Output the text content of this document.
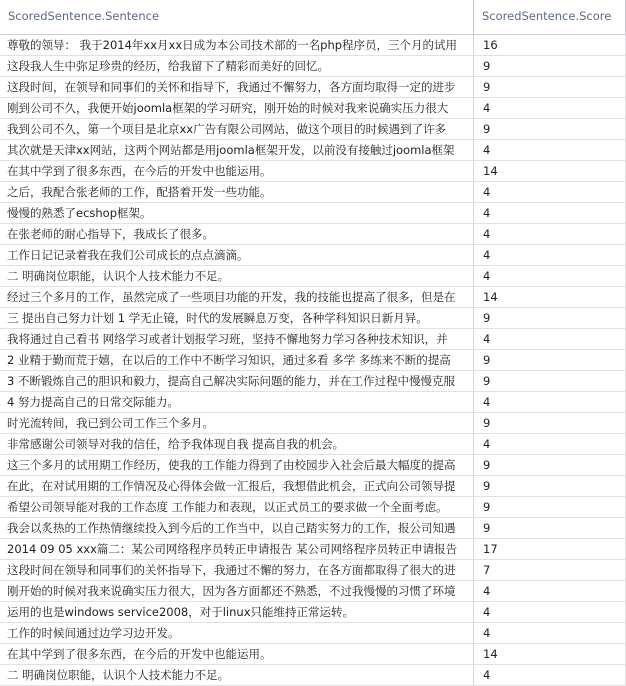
ScoredSentence.Sentence	ScoredSentence.Score
尊敬的领导： 我于2014年xx月xx日成为本公司技术部的一名php程序员，三个月的试用	16
这段我人生中弥足珍贵的经历，给我留下了精彩而美好的回忆。	9
这段时间，在领导和同事们的关怀和指导下，我通过不懈努力，各方面均取得一定的进步	9
刚到公司不久，我便开始joomla框架的学习研究，刚开始的时候对我来说确实压力很大	4
我到公司不久，第一个项目是北京xx广告有限公司网站，做这个项目的时候遇到了许多	9
其次就是天津xx网站，这两个网站都是用joomla框架开发，以前没有接触过joomla框架	4
在其中学到了很多东西，在今后的开发中也能运用。	14
之后，我配合张老师的工作，配搭着开发一些功能。	4
慢慢的熟悉了ecshop框架。	4
在张老师的耐心指导下，我成长了很多。	4
工作日记记录着我在我们公司成长的点点滴滴。	4
二 明确岗位职能，认识个人技术能力不足。	4
经过三个多月的工作，虽然完成了一些项目功能的开发，我的技能也提高了很多，但是在	14
三 提出自己努力计划 1 学无止镜，时代的发展瞬息万变，各种学科知识日新月异。	9
我将通过自己看书 网络学习或者计划报学习班，坚持不懈地努力学习各种技术知识，并	4
2 业精于勤而荒于嬉，在以后的工作中不断学习知识，通过多看 多学 多练来不断的提高	9
3 不断锻炼自己的胆识和毅力，提高自己解决实际问题的能力，并在工作过程中慢慢克服	9
4 努力提高自己的日常交际能力。	4
时光流转间，我已到公司工作三个多月。	9
非常感谢公司领导对我的信任，给予我体现自我 提高自我的机会。	4
这三个多月的试用期工作经历，使我的工作能力得到了由校园步入社会后最大幅度的提高	9
在此，在对试用期的工作情况及心得体会做一汇报后，我想借此机会，正式向公司领导提	9
希望公司领导能对我的工作态度 工作能力和表现，以正式员工的要求做一个全面考虑。	9
我会以炙热的工作热情继续投入到今后的工作当中，以自己踏实努力的工作，报公司知遇	9
2014 09 05 xxx篇二：某公司网络程序员转正申请报告 某公司网络程序员转正申请报告	17
这段时间在领导和同事们的关怀指导下，我通过不懈的努力，在各方面都取得了很大的进	7
刚开始的时候对我来说确实压力很大，因为各方面都还不熟悉，不过我慢慢的习惯了环境	4
运用的也是windows service2008，对于linux只能维持正常运转。	4
工作的时候间通过边学习边开发。	4
在其中学到了很多东西，在今后的开发中也能运用。	14
二 明确岗位职能，认识个人技术能力不足。	4
